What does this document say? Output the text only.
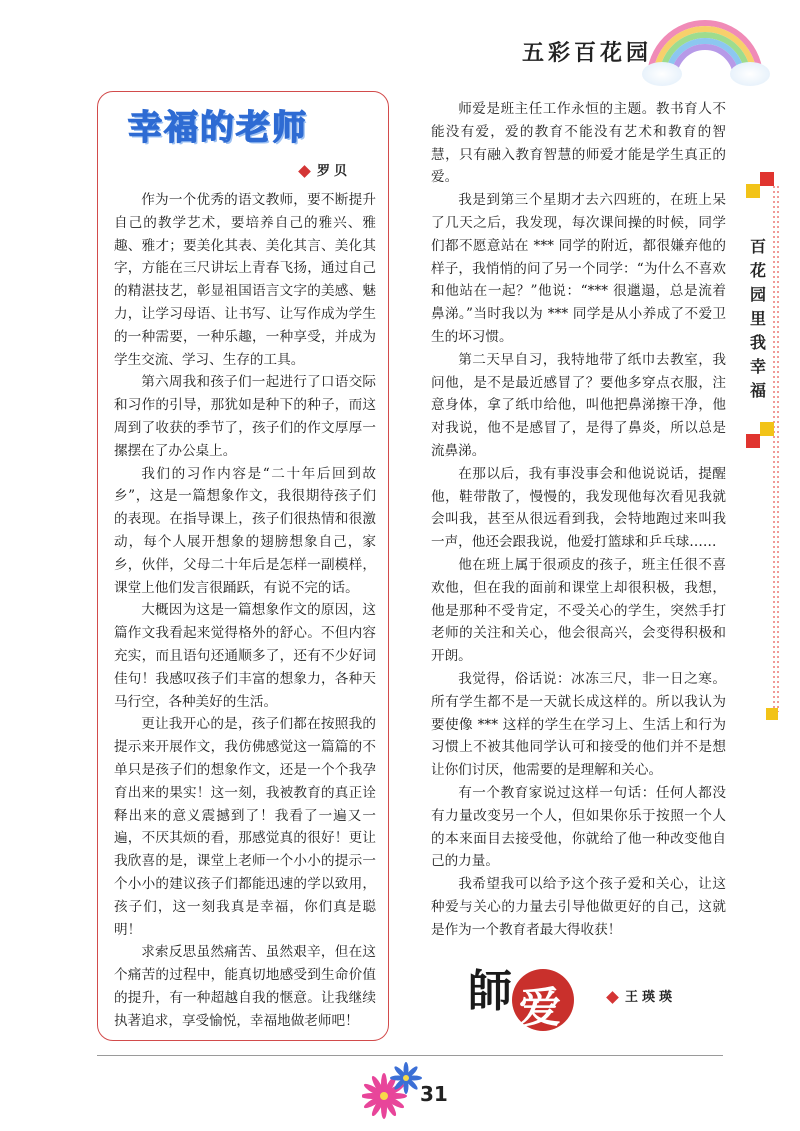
五彩百花园
幸福的老师
罗贝

作为一个优秀的语文教师，要不断提升自己的教学艺术，要培养自己的雅兴、雅趣、雅才；要美化其表、美化其言、美化其字，方能在三尺讲坛上青春飞扬，通过自己的精湛技艺，彰显祖国语言文字的美感、魅力，让学习母语、让书写、让写作成为学生的一种需要，一种乐趣，一种享受，并成为学生交流、学习、生存的工具。

第六周我和孩子们一起进行了口语交际和习作的引导，那犹如是种下的种子，而这周到了收获的季节了，孩子们的作文厚厚一摞摆在了办公桌上。

我们的习作内容是“二十年后回到故乡”，这是一篇想象作文，我很期待孩子们的表现。在指导课上，孩子们很热情和很激动，每个人展开想象的翅膀想象自己，家乡，伙伴，父母二十年后是怎样一副模样，课堂上他们发言很踊跃，有说不完的话。

大概因为这是一篇想象作文的原因，这篇作文我看起来觉得格外的舒心。不但内容充实，而且语句还通顺多了，还有不少好词佳句！我感叹孩子们丰富的想象力，各种天马行空，各种美好的生活。

更让我开心的是，孩子们都在按照我的提示来开展作文，我仿佛感觉这一篇篇的不单只是孩子们的想象作文，还是一个个我孕育出来的果实！这一刻，我被教育的真正诠释出来的意义震撼到了！我看了一遍又一遍，不厌其烦的看，那感觉真的很好！更让我欣喜的是，课堂上老师一个小小的提示一个小小的建议孩子们都能迅速的学以致用，孩子们，这一刻我真是幸福，你们真是聪明！

求索反思虽然痛苦、虽然艰辛，但在这个痛苦的过程中，能真切地感受到生命价值的提升，有一种超越自我的惬意。让我继续执著追求，享受愉悦，幸福地做老师吧！

师爱是班主任工作永恒的主题。教书育人不能没有爱，爱的教育不能没有艺术和教育的智慧，只有融入教育智慧的师爱才能是学生真正的爱。

我是到第三个星期才去六四班的，在班上呆了几天之后，我发现，每次课间操的时候，同学们都不愿意站在 *** 同学的附近，都很嫌弃他的样子，我悄悄的问了另一个同学：“为什么不喜欢和他站在一起？”他说：“*** 很邋遢，总是流着鼻涕。”当时我以为 *** 同学是从小养成了不爱卫生的坏习惯。

第二天早自习，我特地带了纸巾去教室，我问他，是不是最近感冒了？要他多穿点衣服，注意身体，拿了纸巾给他，叫他把鼻涕擦干净，他对我说，他不是感冒了，是得了鼻炎，所以总是流鼻涕。

在那以后，我有事没事会和他说说话，提醒他，鞋带散了，慢慢的，我发现他每次看见我就会叫我，甚至从很远看到我，会特地跑过来叫我一声，他还会跟我说，他爱打篮球和乒乓球……

他在班上属于很顽皮的孩子，班主任很不喜欢他，但在我的面前和课堂上却很积极，我想，他是那种不受肯定，不受关心的学生，突然手打老师的关注和关心，他会很高兴，会变得积极和开朗。

我觉得，俗话说：冰冻三尺，非一日之寒。所有学生都不是一天就长成这样的。所以我认为要使像 *** 这样的学生在学习上、生活上和行为习惯上不被其他同学认可和接受的他们并不是想让你们讨厌，他需要的是理解和关心。

有一个教育家说过这样一句话：任何人都没有力量改变另一个人，但如果你乐于按照一个人的本来面目去接受他，你就给了他一种改变他自己的力量。

我希望我可以给予这个孩子爱和关心，让这种爱与关心的力量去引导他做更好的自己，这就是作为一个教育者最大得收获！

師 爱	王瑛瑛
百
花
园
里
我
幸
福
31
